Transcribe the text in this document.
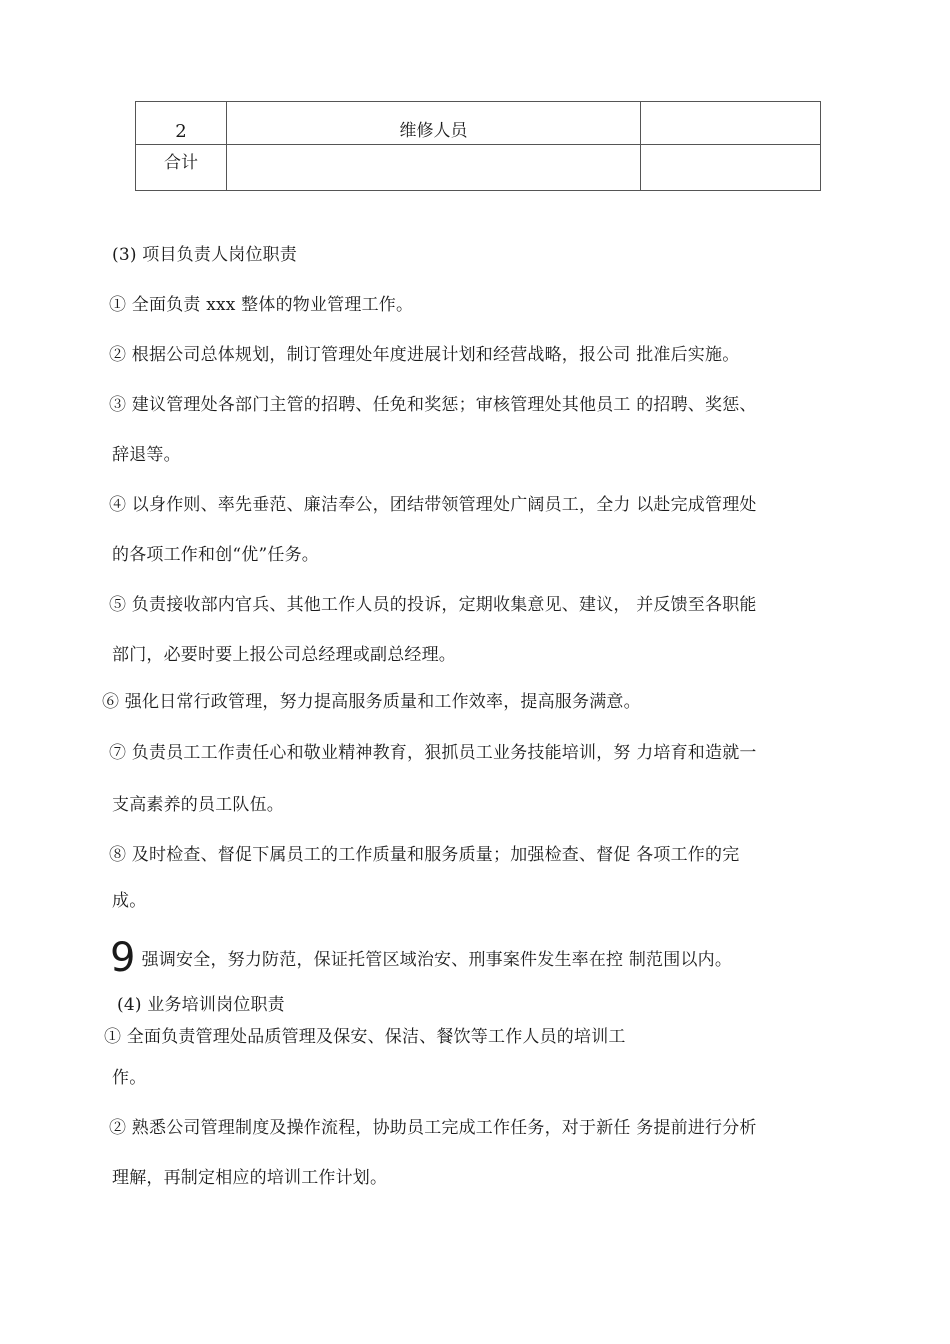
2	维修人员	

合计		

(3) 项目负责人岗位职责
① 全面负责 xxx 整体的物业管理工作。
② 根据公司总体规划，制订管理处年度进展计划和经营战略，报公司 批准后实施。
③ 建议管理处各部门主管的招聘、任免和奖惩；审核管理处其他员工 的招聘、奖惩、
辞退等。
④ 以身作则、率先垂范、廉洁奉公，团结带领管理处广阔员工，全力 以赴完成管理处
的各项工作和创“优”任务。
⑤ 负责接收部内官兵、其他工作人员的投诉，定期收集意见、建议， 并反馈至各职能
部门，必要时要上报公司总经理或副总经理。
⑥ 强化日常行政管理，努力提高服务质量和工作效率，提高服务满意。
⑦ 负责员工工作责任心和敬业精神教育，狠抓员工业务技能培训，努 力培育和造就一
支高素养的员工队伍。
⑧ 及时检查、督促下属员工的工作质量和服务质量；加强检查、督促 各项工作的完
成。
9 强调安全，努力防范，保证托管区域治安、刑事案件发生率在控 制范围以内。
(4) 业务培训岗位职责
① 全面负责管理处品质管理及保安、保洁、餐饮等工作人员的培训工
作。
② 熟悉公司管理制度及操作流程，协助员工完成工作任务，对于新任 务提前进行分析
理解，再制定相应的培训工作计划。
